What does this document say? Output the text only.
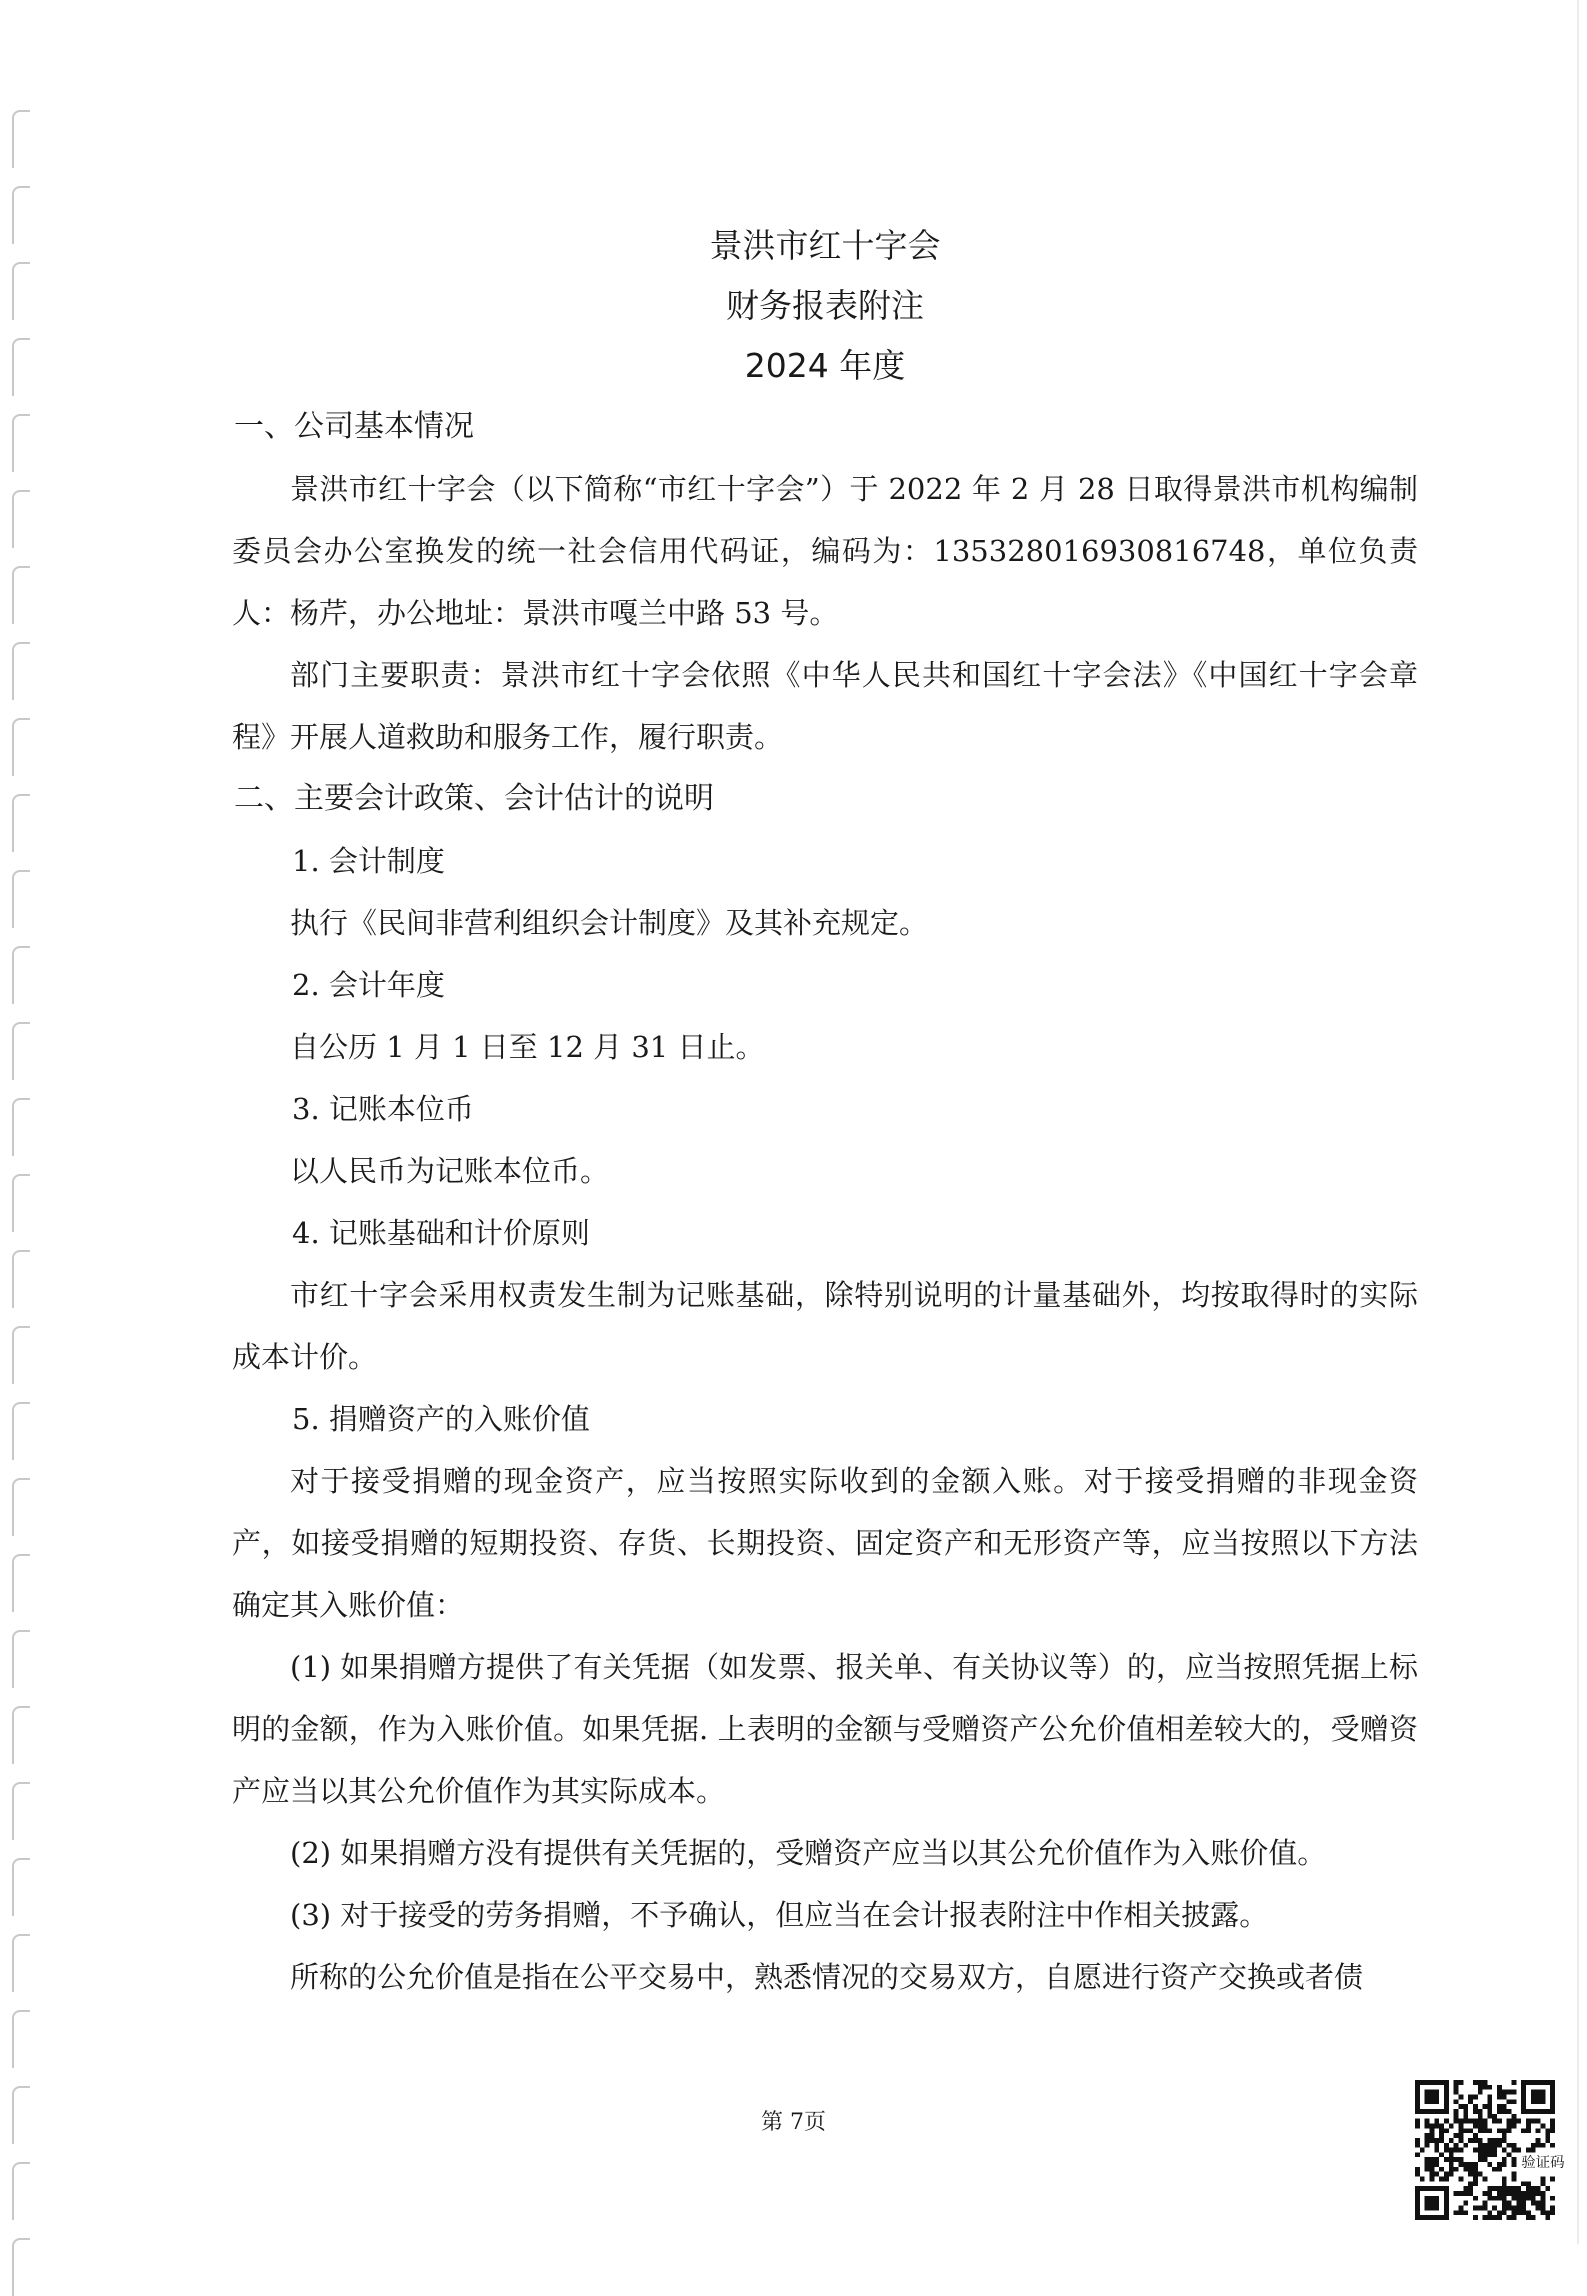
景洪市红十字会

财务报表附注

2024 年度

一、公司基本情况

景洪市红十字会（以下简称“市红十字会”）于 2022 年 2 月 28 日取得景洪市机构编制委员会办公室换发的统一社会信用代码证，编码为：13532801693081674​8，单位负责人：杨芹，办公地址：景洪市嘎兰中路 53 号。

部门主要职责：景洪市红十字会依照《中华人民共和国红十字会法》《中国红十字会章程》开展人道救助和服务工作，履行职责。

二、主要会计政策、会计估计的说明

1. 会计制度

执行《民间非营利组织会计制度》及其补充规定。

2. 会计年度

自公历 1 月 1 日至 12 月 31 日止。

3. 记账本位币

以人民币为记账本位币。

4. 记账基础和计价原则

市红十字会采用权责发生制为记账基础，除特别说明的计量基础外，均按取得时的实际成本计价。

5. 捐赠资产的入账价值

对于接受捐赠的现金资产，应当按照实际收到的金额入账。对于接受捐赠的非现金资产，如接受捐赠的短期投资、存货、长期投资、固定资产和无形资产等，应当按照以下方法确定其入账价值：

(1) 如果捐赠方提供了有关凭据（如发票、报关单、有关协议等）的，应当按照凭据上标明的金额，作为入账价值。如果凭据. 上表明的金额与受赠资产公允价值相差较大的，受赠资产应当以其公允价值作为其实际成本。

(2) 如果捐赠方没有提供有关凭据的，受赠资产应当以其公允价值作为入账价值。

(3) 对于接受的劳务捐赠，不予确认，但应当在会计报表附注中作相关披露。

所称的公允价值是指在公平交易中，熟悉情况的交易双方，自愿进行资产交换或者债

第 7页
验证码
